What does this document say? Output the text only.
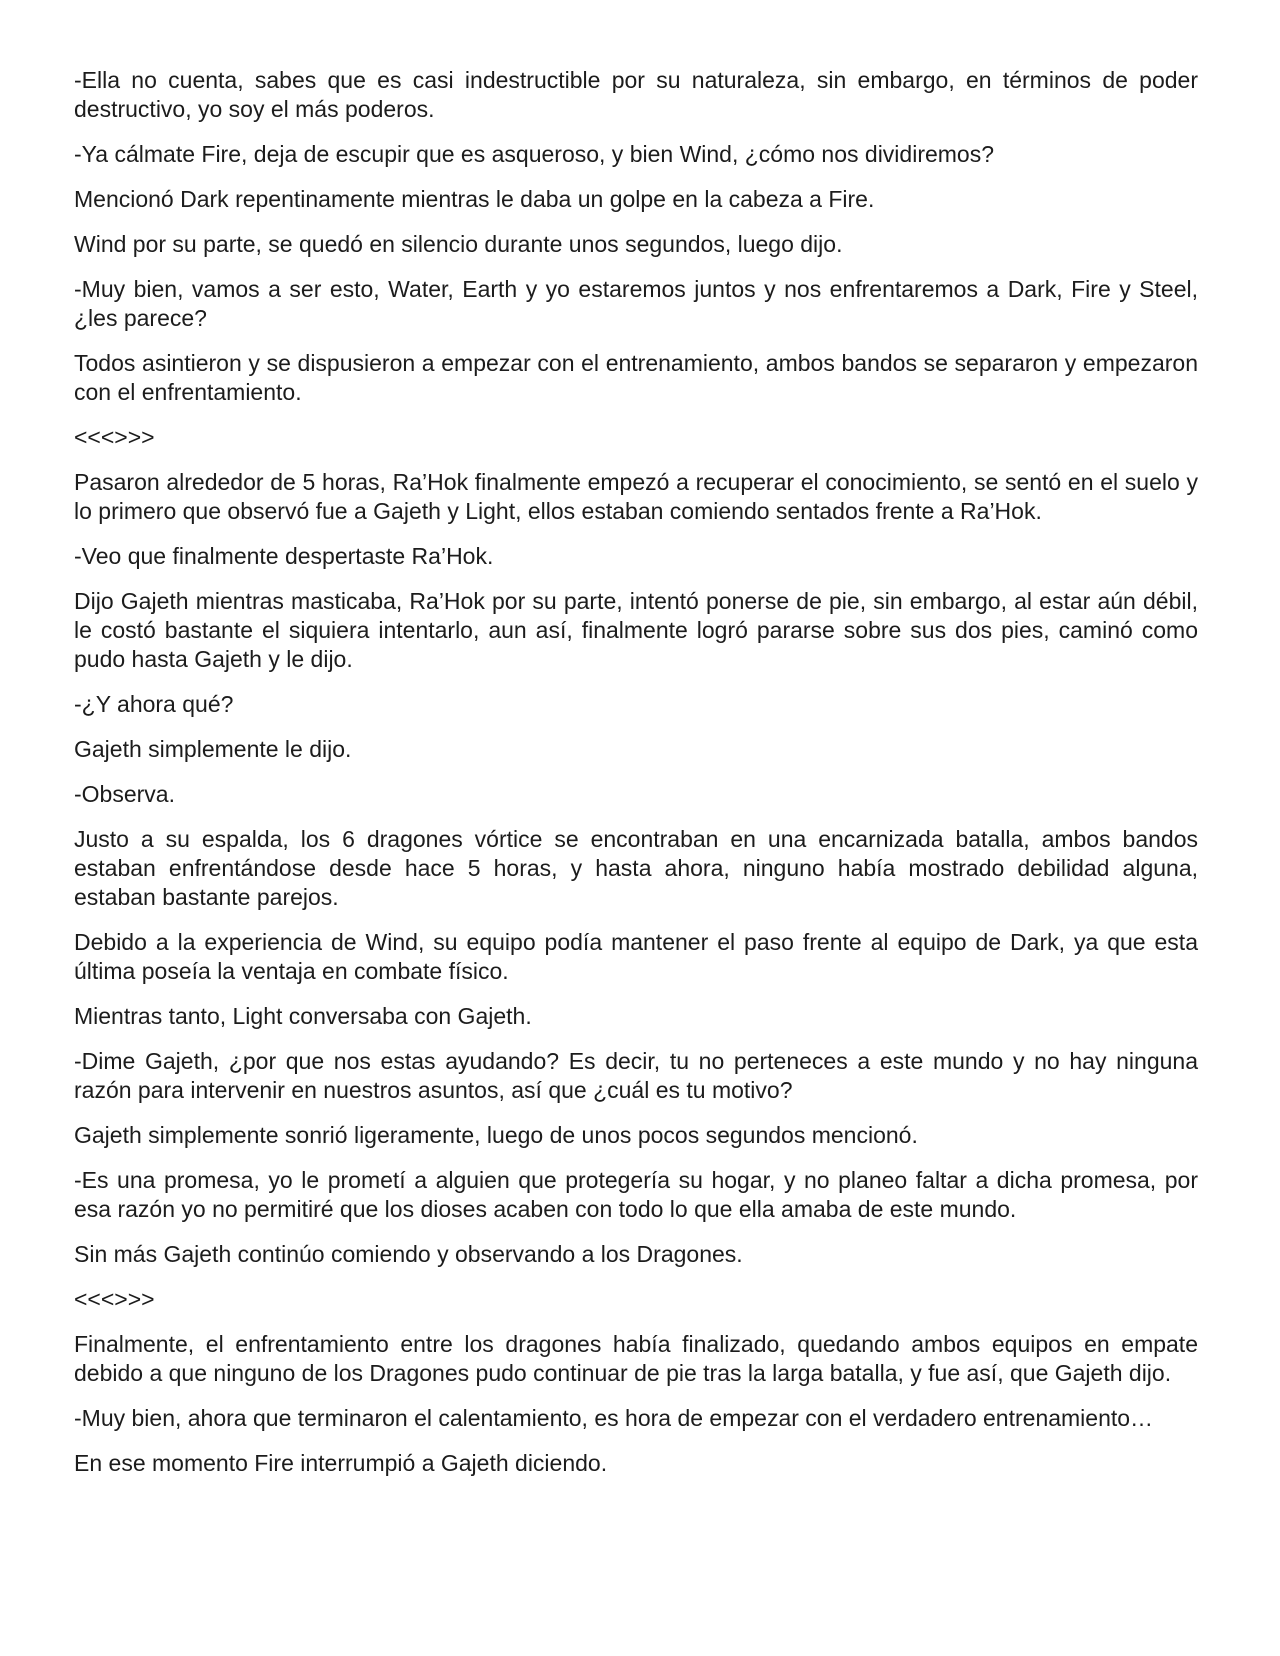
-Ella no cuenta, sabes que es casi indestructible por su naturaleza, sin embargo, en términos de poder destructivo, yo soy el más poderos.

-Ya cálmate Fire, deja de escupir que es asqueroso, y bien Wind, ¿cómo nos dividiremos?

Mencionó Dark repentinamente mientras le daba un golpe en la cabeza a Fire.

Wind por su parte, se quedó en silencio durante unos segundos, luego dijo.

-Muy bien, vamos a ser esto, Water, Earth y yo estaremos juntos y nos enfrentaremos a Dark, Fire y Steel, ¿les parece?

Todos asintieron y se dispusieron a empezar con el entrenamiento, ambos bandos se separaron y empezaron con el enfrentamiento.

<<<>>>

Pasaron alrededor de 5 horas, Ra’Hok finalmente empezó a recuperar el conocimiento, se sentó en el suelo y lo primero que observó fue a Gajeth y Light, ellos estaban comiendo sentados frente a Ra’Hok.

-Veo que finalmente despertaste Ra’Hok.

Dijo Gajeth mientras masticaba, Ra’Hok por su parte, intentó ponerse de pie, sin embargo, al estar aún débil, le costó bastante el siquiera intentarlo, aun así, finalmente logró pararse sobre sus dos pies, caminó como pudo hasta Gajeth y le dijo.

-¿Y ahora qué?

Gajeth simplemente le dijo.

-Observa.

Justo a su espalda, los 6 dragones vórtice se encontraban en una encarnizada batalla, ambos bandos estaban enfrentándose desde hace 5 horas, y hasta ahora, ninguno había mostrado debilidad alguna, estaban bastante parejos.

Debido a la experiencia de Wind, su equipo podía mantener el paso frente al equipo de Dark, ya que esta última poseía la ventaja en combate físico.

Mientras tanto, Light conversaba con Gajeth.

-Dime Gajeth, ¿por que nos estas ayudando? Es decir, tu no perteneces a este mundo y no hay ninguna razón para intervenir en nuestros asuntos, así que ¿cuál es tu motivo?

Gajeth simplemente sonrió ligeramente, luego de unos pocos segundos mencionó.

-Es una promesa, yo le prometí a alguien que protegería su hogar, y no planeo faltar a dicha promesa, por esa razón yo no permitiré que los dioses acaben con todo lo que ella amaba de este mundo.

Sin más Gajeth continúo comiendo y observando a los Dragones.

<<<>>>

Finalmente, el enfrentamiento entre los dragones había finalizado, quedando ambos equipos en empate debido a que ninguno de los Dragones pudo continuar de pie tras la larga batalla, y fue así, que Gajeth dijo.

-Muy bien, ahora que terminaron el calentamiento, es hora de empezar con el verdadero entrenamiento…

En ese momento Fire interrumpió a Gajeth diciendo.
